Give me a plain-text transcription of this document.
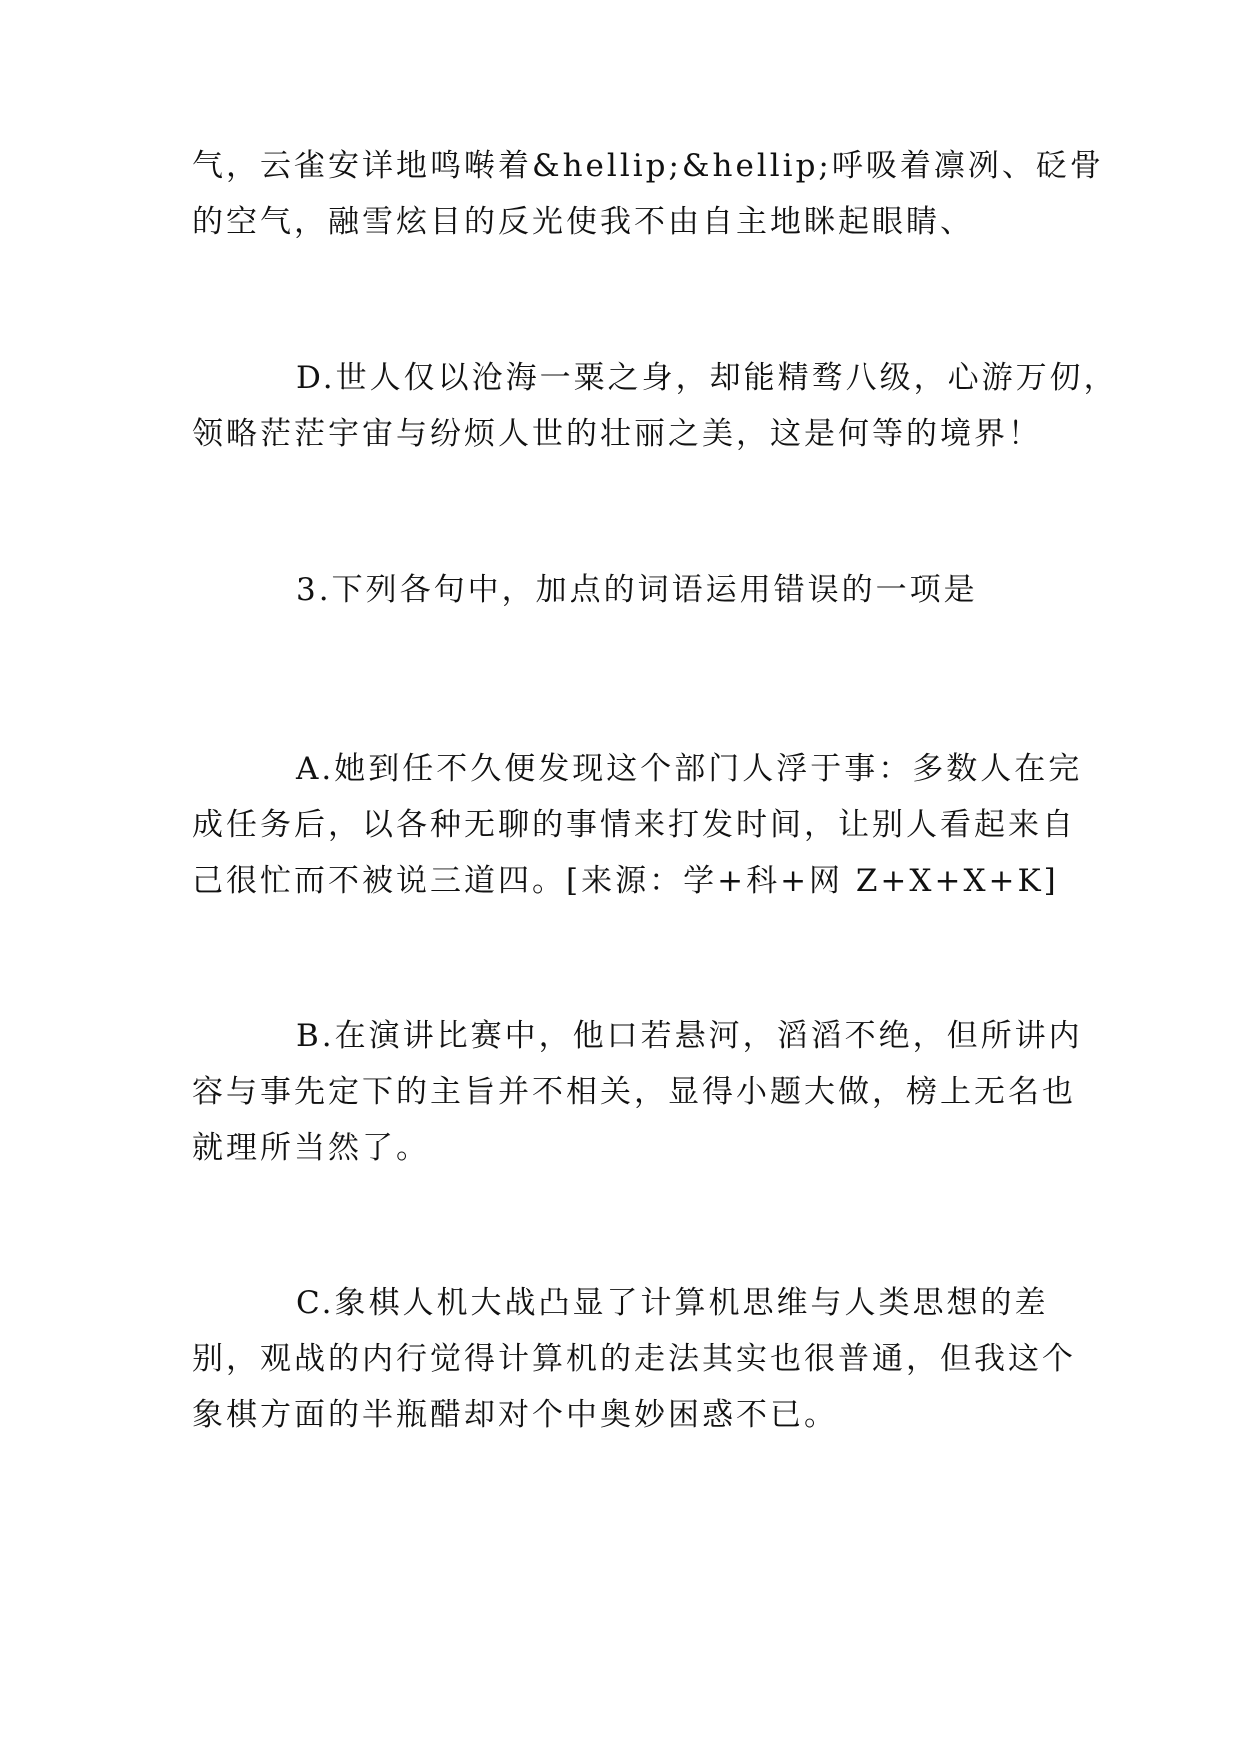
气，云雀安详地鸣啭着&hellip;&hellip;呼吸着凛冽、砭骨
的空气，融雪炫目的反光使我不由自主地眯起眼睛、

D.世人仅以沧海一粟之身，却能精骛八级，心游万仞，
领略茫茫宇宙与纷烦人世的壮丽之美，这是何等的境界！

3.下列各句中，加点的词语运用错误的一项是

A.她到任不久便发现这个部门人浮于事：多数人在完
成任务后，以各种无聊的事情来打发时间，让别人看起来自
己很忙而不被说三道四。[来源：学+科+网 Z+X+X+K]

B.在演讲比赛中，他口若悬河，滔滔不绝，但所讲内
容与事先定下的主旨并不相关，显得小题大做，榜上无名也
就理所当然了。

C.象棋人机大战凸显了计算机思维与人类思想的差
别，观战的内行觉得计算机的走法其实也很普通，但我这个
象棋方面的半瓶醋却对个中奥妙困惑不已。
